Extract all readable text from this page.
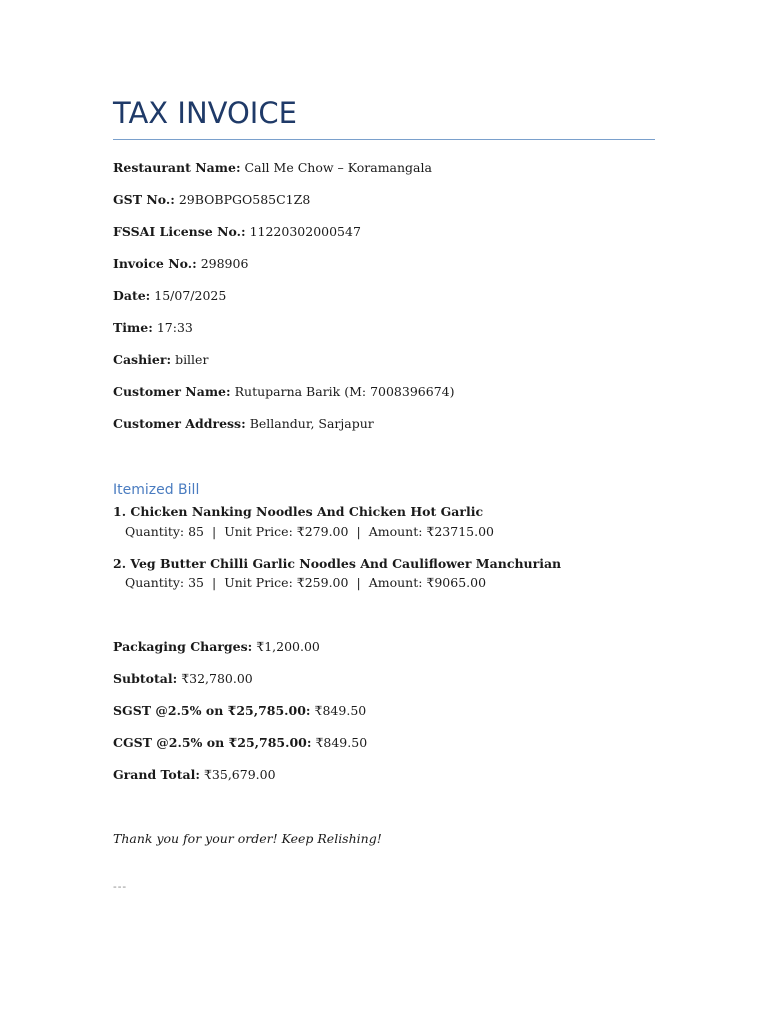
TAX INVOICE
Restaurant Name: Call Me Chow – Koramangala
GST No.: 29BOBPGO585C1Z8
FSSAI License No.: 11220302000547
Invoice No.: 298906
Date: 15/07/2025
Time: 17:33
Cashier: biller
Customer Name: Rutuparna Barik (M: 7008396674)
Customer Address: Bellandur, Sarjapur
Itemized Bill
1. Chicken Nanking Noodles And Chicken Hot Garlic
Quantity: 85 | Unit Price: ₹279.00 | Amount: ₹23715.00
2. Veg Butter Chilli Garlic Noodles And Cauliflower Manchurian
Quantity: 35 | Unit Price: ₹259.00 | Amount: ₹9065.00
Packaging Charges: ₹1,200.00
Subtotal: ₹32,780.00
SGST @2.5% on ₹25,785.00: ₹849.50
CGST @2.5% on ₹25,785.00: ₹849.50
Grand Total: ₹35,679.00
Thank you for your order! Keep Relishing!
---
